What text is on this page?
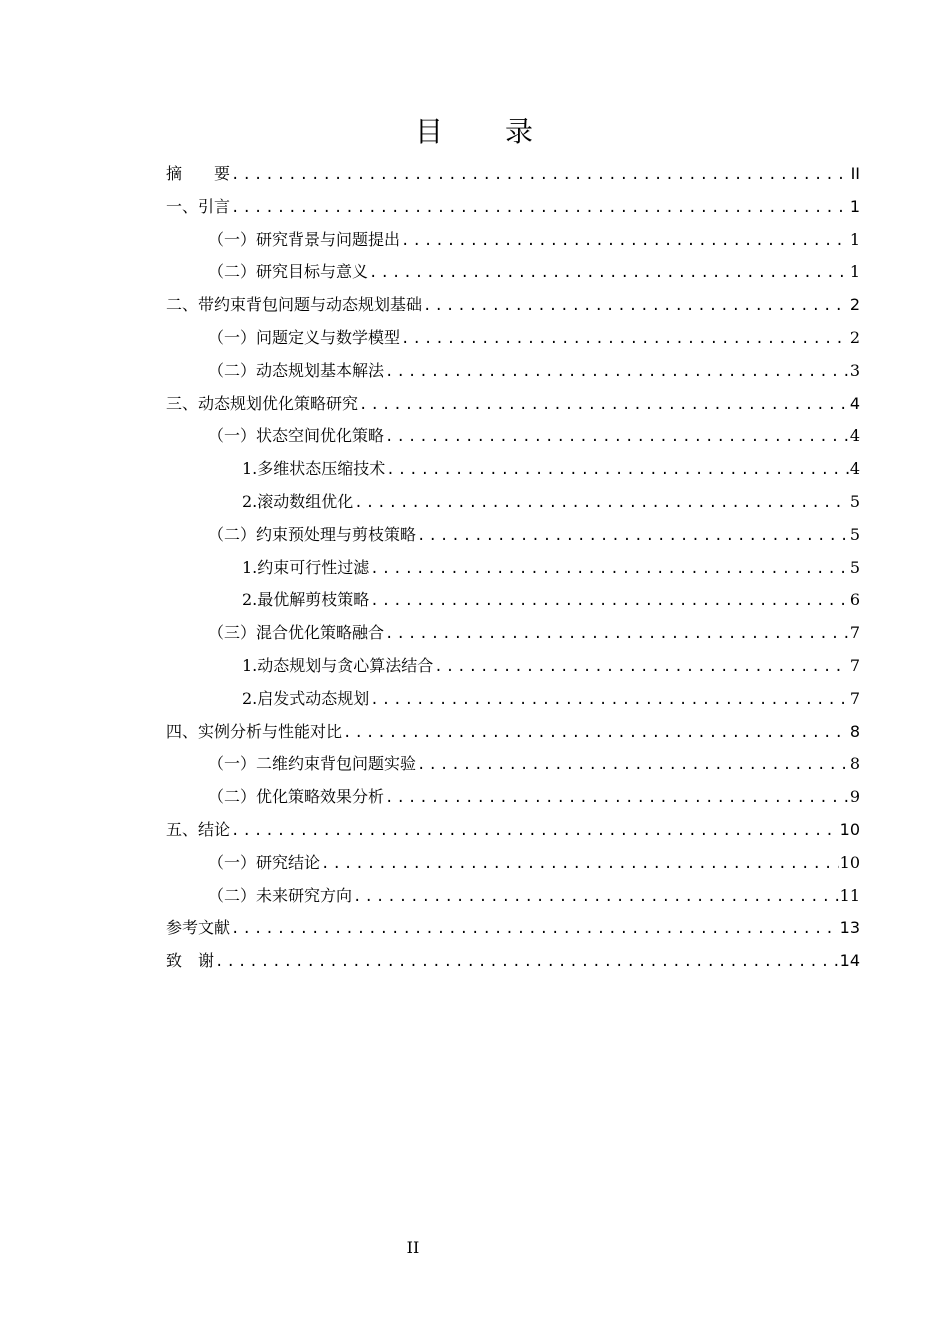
目　　录
摘　　要 .....	II
一、引言 .....	1
（一）研究背景与问题提出 .....	1
（二）研究目标与意义 .....	1
二、带约束背包问题与动态规划基础 .....	2
（一）问题定义与数学模型 .....	2
（二）动态规划基本解法 .....	3
三、动态规划优化策略研究 .....	4
（一）状态空间优化策略 .....	4
1.多维状态压缩技术 .....	4
2.滚动数组优化 .....	5
（二）约束预处理与剪枝策略 .....	5
1.约束可行性过滤 .....	5
2.最优解剪枝策略 .....	6
（三）混合优化策略融合 .....	7
1.动态规划与贪心算法结合 .....	7
2.启发式动态规划 .....	7
四、实例分析与性能对比 .....	8
（一）二维约束背包问题实验 .....	8
（二）优化策略效果分析 .....	9
五、结论 .....	10
（一）研究结论 .....	10
（二）未来研究方向 .....	11
参考文献 .....	13
致　谢 .....	14
II
